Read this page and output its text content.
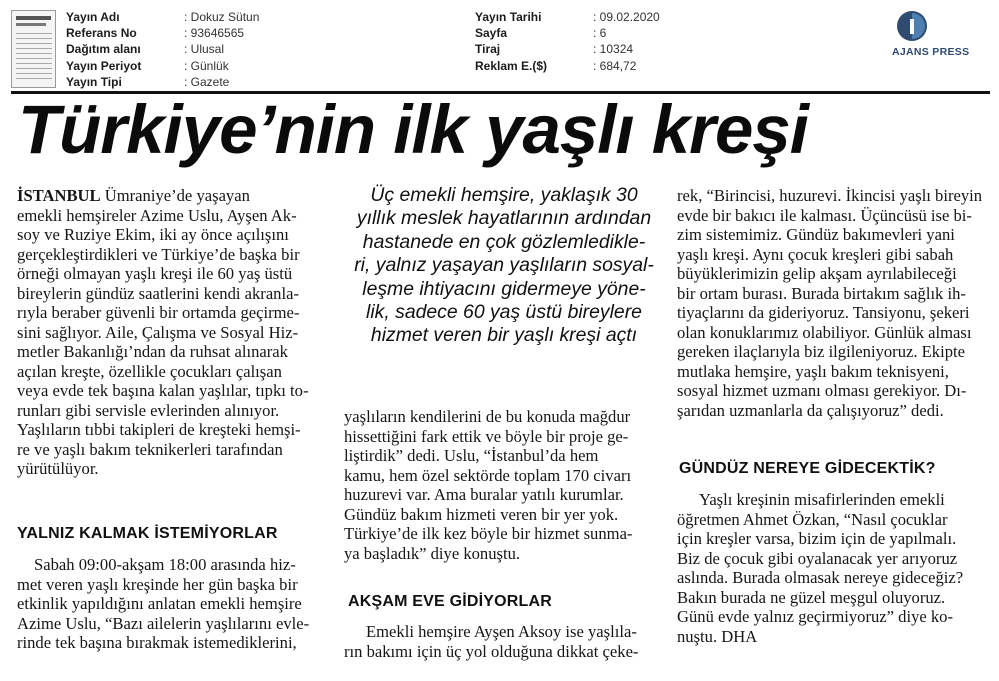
Yayın Adı	: Dokuz Sütun
Referans No	: 93646565
Dağıtım alanı	: Ulusal
Yayın Periyot	: Günlük
Yayın Tipi	: Gazete
Yayın Tarihi	: 09.02.2020
Sayfa	: 6
Tiraj	: 10324
Reklam E.($)	: 684,72
AJANS PRESS
Türkiye’nin ilk yaşlı kreşi

İSTANBUL Ümraniye’de yaşayan

emekli hemşireler Azime Uslu, Ayşen Ak-

soy ve Ruziye Ekim, iki ay önce açılışını

gerçekleştirdikleri ve Türkiye’de başka bir

örneği olmayan yaşlı kreşi ile 60 yaş üstü

bireylerin gündüz saatlerini kendi akranla-

rıyla beraber güvenli bir ortamda geçirme-

sini sağlıyor. Aile, Çalışma ve Sosyal Hiz-

metler Bakanlığı’ndan da ruhsat alınarak

açılan kreşte, özellikle çocukları çalışan

veya evde tek başına kalan yaşlılar, tıpkı to-

runları gibi servisle evlerinden alınıyor.

Yaşlıların tıbbi takipleri de kreşteki hemşi-

re ve yaşlı bakım teknikerleri tarafından

yürütülüyor.

YALNIZ KALMAK İSTEMİYORLAR

Sabah 09:00-akşam 18:00 arasında hiz-

met veren yaşlı kreşinde her gün başka bir

etkinlik yapıldığını anlatan emekli hemşire

Azime Uslu, “Bazı ailelerin yaşlılarını evle-

rinde tek başına bırakmak istemediklerini,

Üç emekli hemşire, yaklaşık 30

yıllık meslek hayatlarının ardından

hastanede en çok gözlemledikle-

ri, yalnız yaşayan yaşlıların sosyal-

leşme ihtiyacını gidermeye yöne-

lik, sadece 60 yaş üstü bireylere

hizmet veren bir yaşlı kreşi açtı

yaşlıların kendilerini de bu konuda mağdur

hissettiğini fark ettik ve böyle bir proje ge-

liştirdik” dedi. Uslu, “İstanbul’da hem

kamu, hem özel sektörde toplam 170 civarı

huzurevi var. Ama buralar yatılı kurumlar.

Gündüz bakım hizmeti veren bir yer yok.

Türkiye’de ilk kez böyle bir hizmet sunma-

ya başladık” diye konuştu.

AKŞAM EVE GİDİYORLAR

Emekli hemşire Ayşen Aksoy ise yaşlıla-

rın bakımı için üç yol olduğuna dikkat çeke-

rek, “Birincisi, huzurevi. İkincisi yaşlı bireyin

evde bir bakıcı ile kalması. Üçüncüsü ise bi-

zim sistemimiz. Gündüz bakımevleri yani

yaşlı kreşi. Aynı çocuk kreşleri gibi sabah

büyüklerimizin gelip akşam ayrılabileceği

bir ortam burası. Burada birtakım sağlık ih-

tiyaçlarını da gideriyoruz. Tansiyonu, şekeri

olan konuklarımız olabiliyor. Günlük alması

gereken ilaçlarıyla biz ilgileniyoruz. Ekipte

mutlaka hemşire, yaşlı bakım teknisyeni,

sosyal hizmet uzmanı olması gerekiyor. Dı-

şarıdan uzmanlarla da çalışıyoruz” dedi.

GÜNDÜZ NEREYE GİDECEKTİK?

Yaşlı kreşinin misafirlerinden emekli

öğretmen Ahmet Özkan, “Nasıl çocuklar

için kreşler varsa, bizim için de yapılmalı.

Biz de çocuk gibi oyalanacak yer arıyoruz

aslında. Burada olmasak nereye gideceğiz?

Bakın burada ne güzel meşgul oluyoruz.

Günü evde yalnız geçirmiyoruz” diye ko-

nuştu. DHA
